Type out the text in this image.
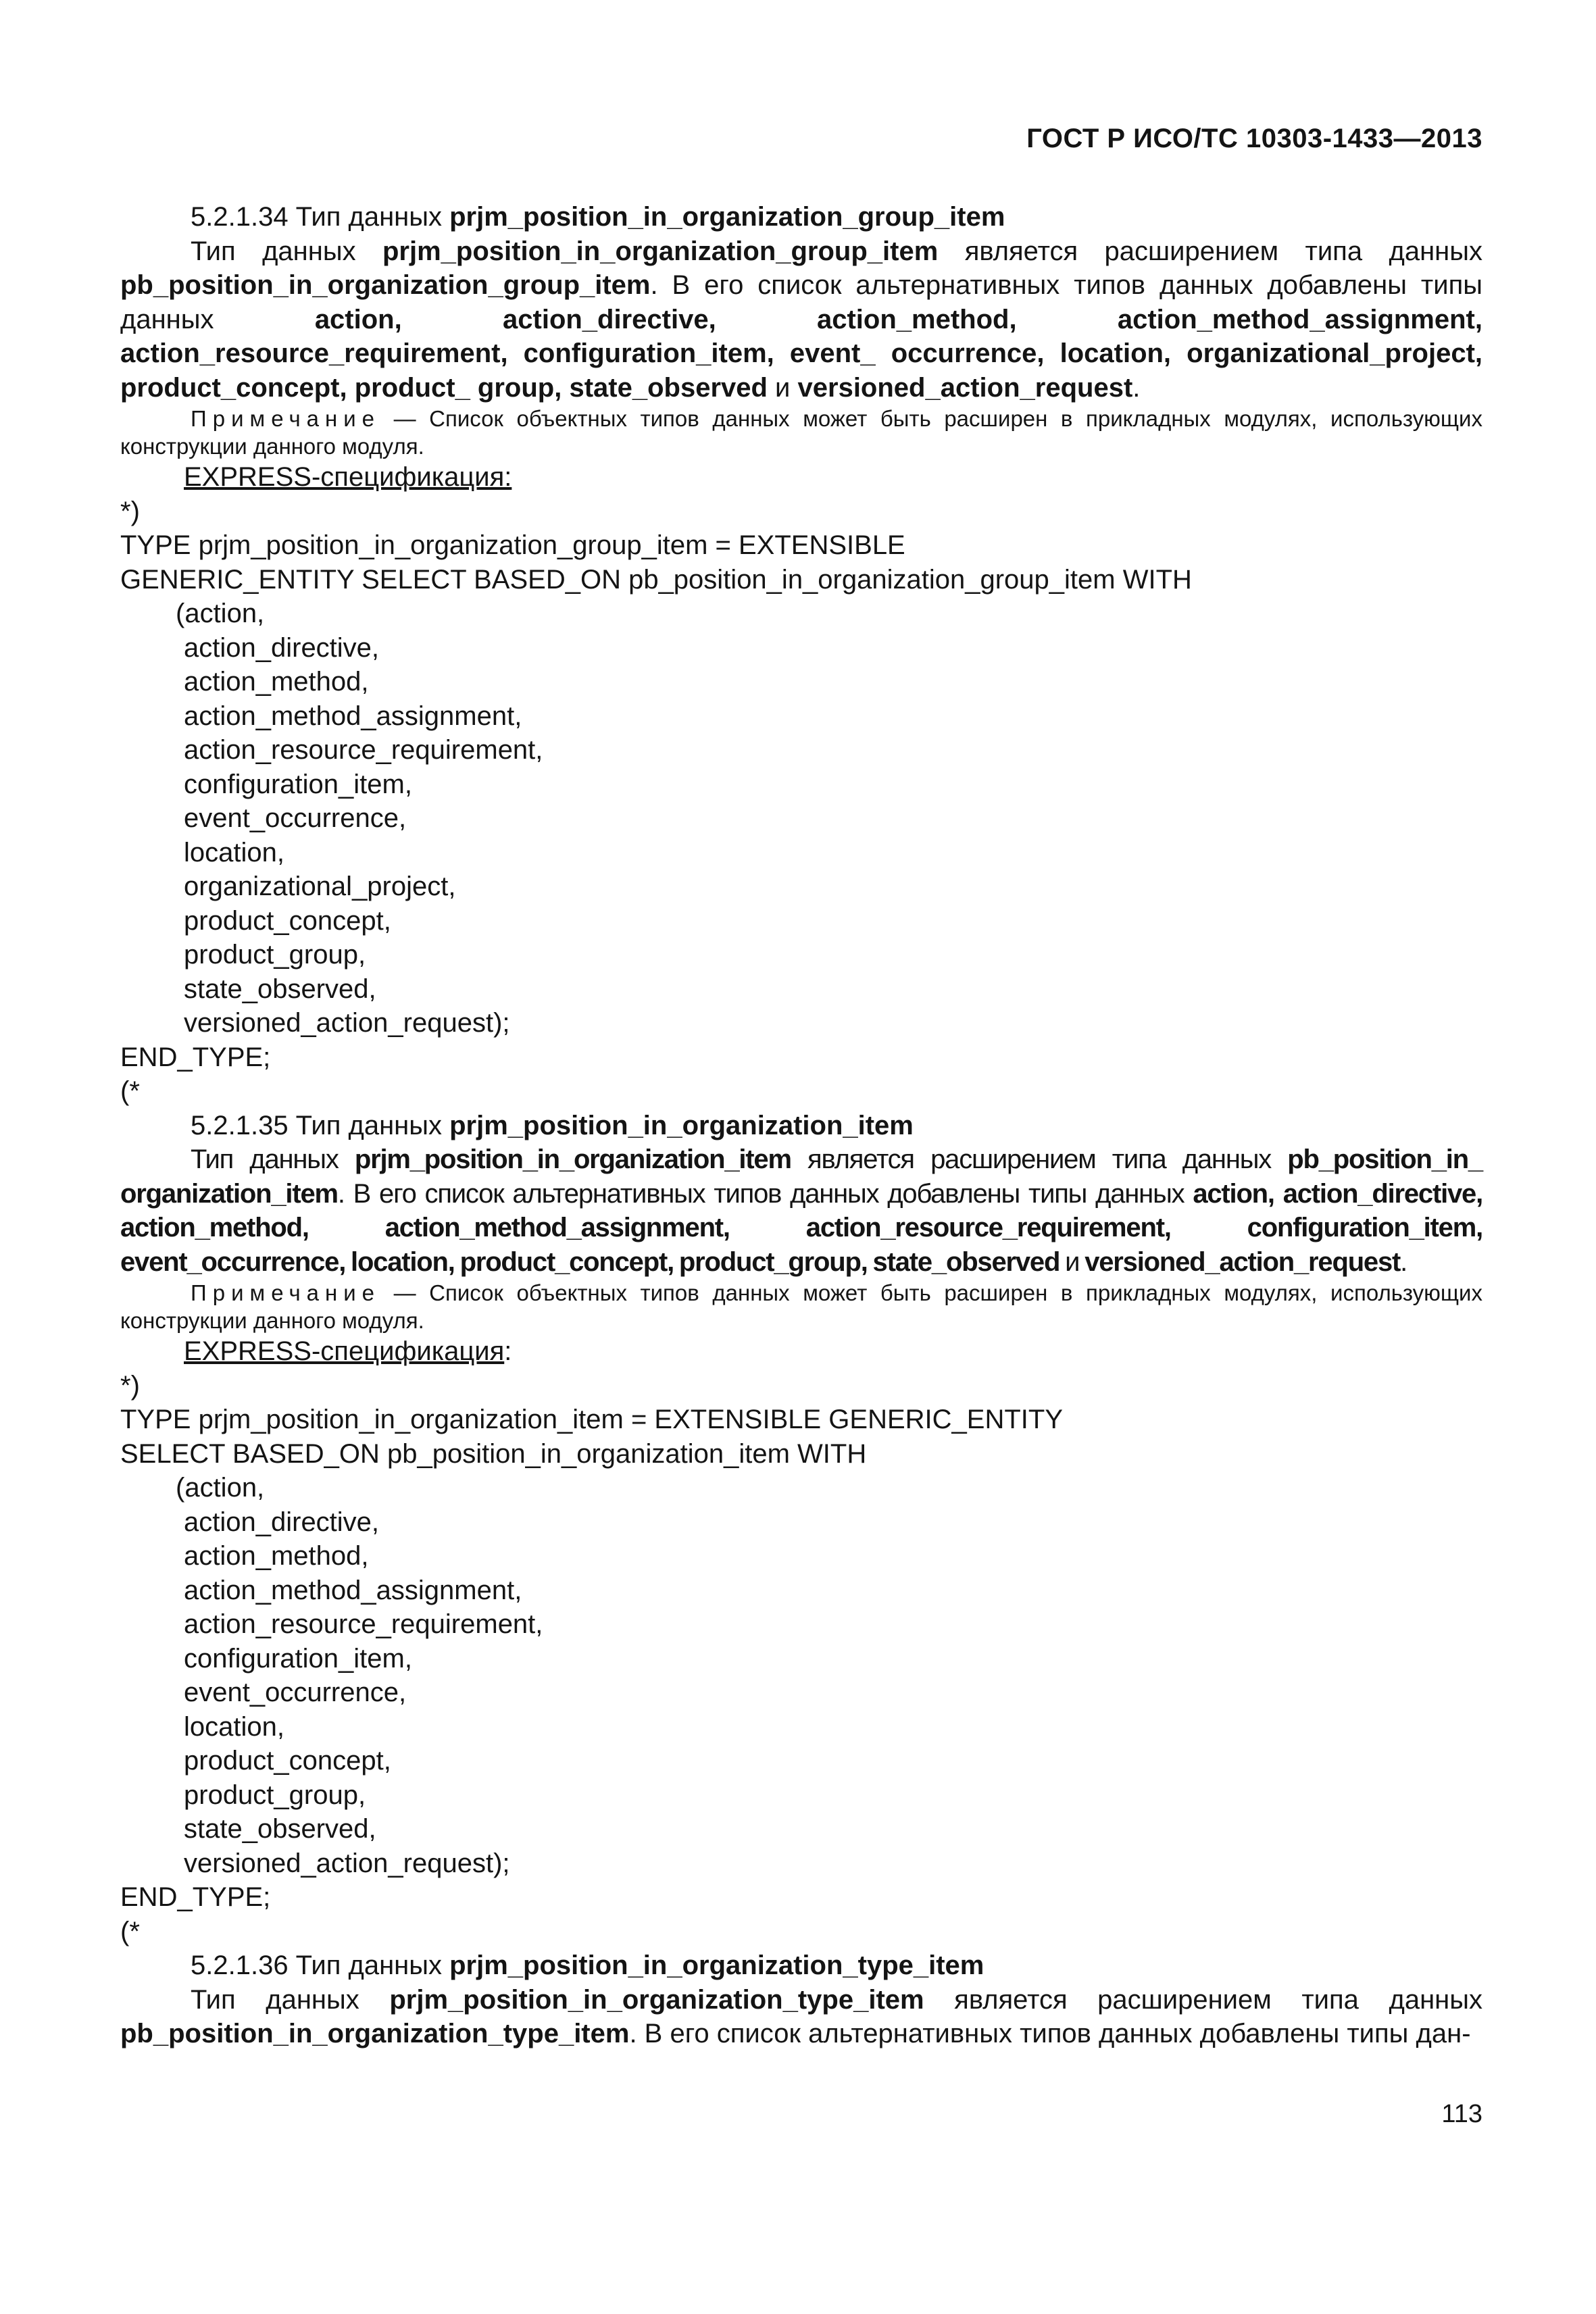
ГОСТ Р ИСО/ТС 10303-1433—2013

5.2.1.34 Тип данных prjm_position_in_organization_group_item

Тип данных prjm_position_in_organization_group_item является расширением типа данных pb_position_in_organization_group_item. В его список альтернативных типов данных добавлены типы данных action, action_directive, action_method, action_method_assignment, action_resource_requirement, configuration_item, event_ occurrence, location, organizational_project, product_concept, product_ group, state_observed и versioned_action_request.

Примечание — Список объектных типов данных может быть расширен в прикладных модулях, использующих конструкции данного модуля.

EXPRESS-спецификация:

*)
TYPE prjm_position_in_organization_group_item = EXTENSIBLE
GENERIC_ENTITY SELECT BASED_ON pb_position_in_organization_group_item WITH
(action,
action_directive,
action_method,
action_method_assignment,
action_resource_requirement,
configuration_item,
event_occurrence,
location,
organizational_project,
product_concept,
product_group,
state_observed,
versioned_action_request);
END_TYPE;
(*

5.2.1.35 Тип данных prjm_position_in_organization_item

Тип данных prjm_position_in_organization_item является расширением типа данных pb_position_in_ organization_item. В его список альтернативных типов данных добавлены типы данных action, action_directive, action_method, action_method_assignment, action_resource_requirement, configuration_item, event_occurrence, location, product_concept, product_group, state_observed и versioned_action_request.

Примечание — Список объектных типов данных может быть расширен в прикладных модулях, использующих конструкции данного модуля.

EXPRESS-спецификация:

*)
TYPE prjm_position_in_organization_item = EXTENSIBLE GENERIC_ENTITY
SELECT BASED_ON pb_position_in_organization_item WITH
(action,
action_directive,
action_method,
action_method_assignment,
action_resource_requirement,
configuration_item,
event_occurrence,
location,
product_concept,
product_group,
state_observed,
versioned_action_request);
END_TYPE;
(*

5.2.1.36 Тип данных prjm_position_in_organization_type_item

Тип данных prjm_position_in_organization_type_item является расширением типа данных pb_position_in_organization_type_item. В его список альтернативных типов данных добавлены типы дан-

113
